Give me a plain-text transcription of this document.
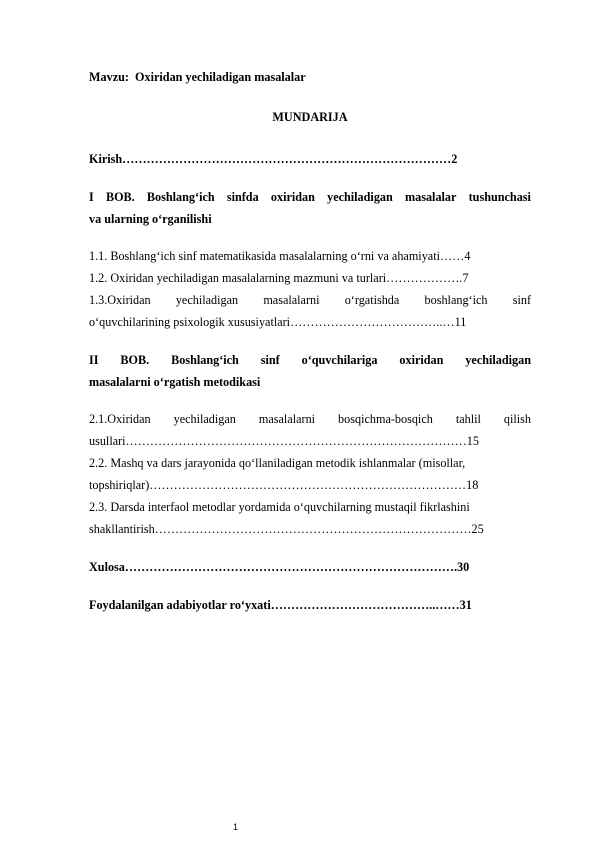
Mavzu: Oxiridan yechiladigan masalalar
MUNDARIJA
Kirish………………………………………………………………………2
I BOB. Boshlang‘ich sinfda oxiridan yechiladigan masalalar tushunchasi
va ularning o‘rganilishi
1.1. Boshlang‘ich sinf matematikasida masalalarning o‘rni va ahamiyati……4
1.2. Oxiridan yechiladigan masalalarning mazmuni va turlari……………….7
1.3.Oxiridan yechiladigan masalalarni o‘rgatishda boshlang‘ich sinf
o‘quvchilarining psixologik xususiyatlari………………………………..…11
II BOB. Boshlang‘ich sinf o‘quvchilariga oxiridan yechiladigan
masalalarni o‘rgatish metodikasi
2.1.Oxiridan yechiladigan masalalarni bosqichma-bosqich tahlil qilish
usullari…………………………………………………………………………15
2.2. Mashq va dars jarayonida qo‘llaniladigan metodik ishlanmalar (misollar,
topshiriqlar)……………………………………………………………………18
2.3. Darsda interfaol metodlar yordamida o‘quvchilarning mustaqil fikrlashini
shakllantirish……………………………………………………………………25
Xulosa……………………………………………………………………….30
Foydalanilgan adabiyotlar ro‘yxati…………………………………..……31
1
